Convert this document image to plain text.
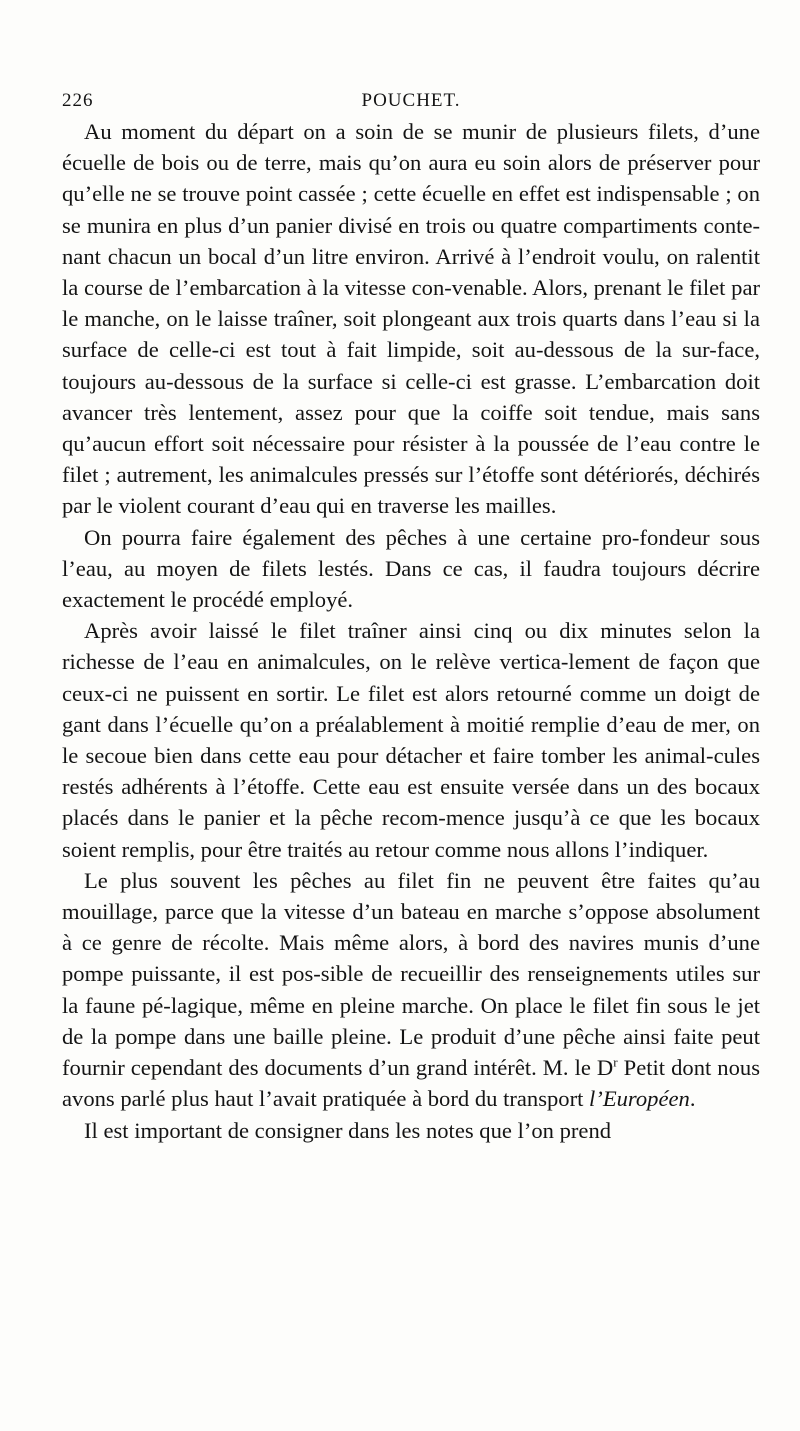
226	POUCHET.

Au moment du départ on a soin de se munir de plusieurs filets, d’une écuelle de bois ou de terre, mais qu’on aura eu soin alors de préserver pour qu’elle ne se trouve point cassée ; cette écuelle en effet est indispensable ; on se munira en plus d’un panier divisé en trois ou quatre compartiments conte-nant chacun un bocal d’un litre environ. Arrivé à l’endroit voulu, on ralentit la course de l’embarcation à la vitesse con-venable. Alors, prenant le filet par le manche, on le laisse traîner, soit plongeant aux trois quarts dans l’eau si la surface de celle-ci est tout à fait limpide, soit au-dessous de la sur-face, toujours au-dessous de la surface si celle-ci est grasse. L’embarcation doit avancer très lentement, assez pour que la coiffe soit tendue, mais sans qu’aucun effort soit nécessaire pour résister à la poussée de l’eau contre le filet ; autrement, les animalcules pressés sur l’étoffe sont détériorés, déchirés par le violent courant d’eau qui en traverse les mailles.

On pourra faire également des pêches à une certaine pro-fondeur sous l’eau, au moyen de filets lestés. Dans ce cas, il faudra toujours décrire exactement le procédé employé.

Après avoir laissé le filet traîner ainsi cinq ou dix minutes selon la richesse de l’eau en animalcules, on le relève vertica-lement de façon que ceux-ci ne puissent en sortir. Le filet est alors retourné comme un doigt de gant dans l’écuelle qu’on a préalablement à moitié remplie d’eau de mer, on le secoue bien dans cette eau pour détacher et faire tomber les animal-cules restés adhérents à l’étoffe. Cette eau est ensuite versée dans un des bocaux placés dans le panier et la pêche recom-mence jusqu’à ce que les bocaux soient remplis, pour être traités au retour comme nous allons l’indiquer.

Le plus souvent les pêches au filet fin ne peuvent être faites qu’au mouillage, parce que la vitesse d’un bateau en marche s’oppose absolument à ce genre de récolte. Mais même alors, à bord des navires munis d’une pompe puissante, il est pos-sible de recueillir des renseignements utiles sur la faune pé-lagique, même en pleine marche. On place le filet fin sous le jet de la pompe dans une baille pleine. Le produit d’une pêche ainsi faite peut fournir cependant des documents d’un grand intérêt. M. le $D^r$ Petit dont nous avons parlé plus haut l’avait pratiquée à bord du transport l’Européen.

Il est important de consigner dans les notes que l’on prend
